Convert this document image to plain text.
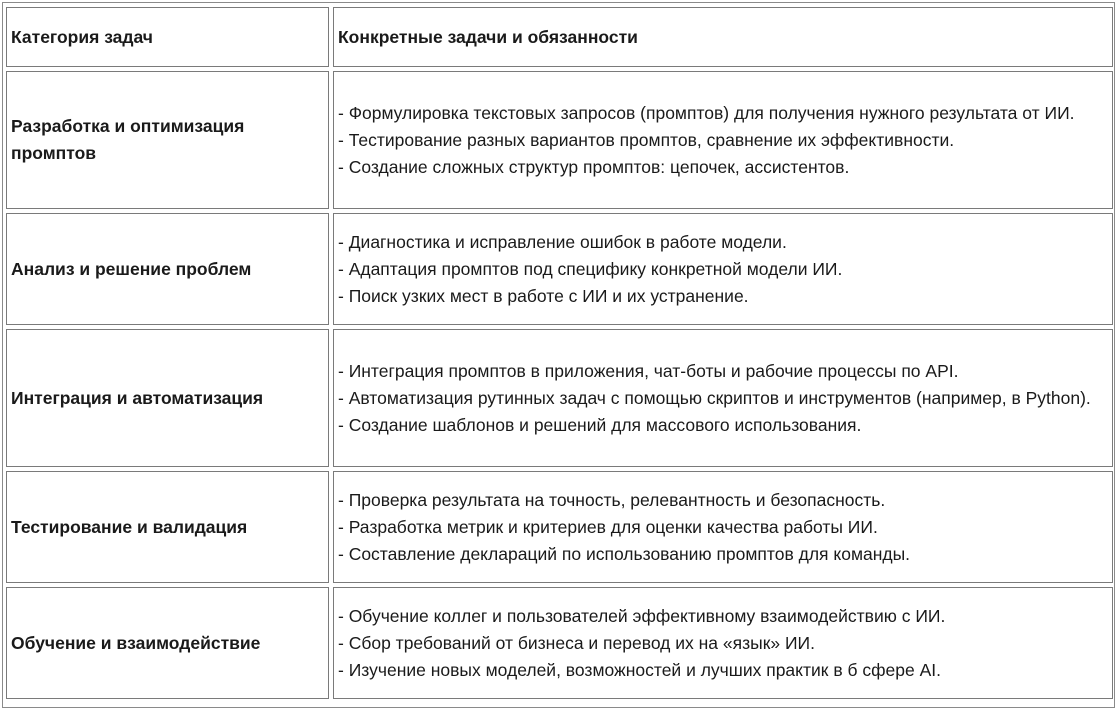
Категория задач	Конкретные задачи и обязанности
Разработка и оптимизация промптов	- Формулировка текстовых запросов (промптов) для получения нужного результата от ИИ.
- Тестирование разных вариантов промптов, сравнение их эффективности.
- Создание сложных структур промптов: цепочек, ассистентов.

Анализ и решение проблем	- Диагностика и исправление ошибок в работе модели.
- Адаптация промптов под специфику конкретной модели ИИ.
- Поиск узких мест в работе с ИИ и их устранение.

Интеграция и автоматизация	- Интеграция промптов в приложения, чат-боты и рабочие процессы по API.
- Автоматизация рутинных задач с помощью скриптов и инструментов (например, в Python).
- Создание шаблонов и решений для массового использования.

Тестирование и валидация	- Проверка результата на точность, релевантность и безопасность.
- Разработка метрик и критериев для оценки качества работы ИИ.
- Составление деклараций по использованию промптов для команды.

Обучение и взаимодействие	- Обучение коллег и пользователей эффективному взаимодействию с ИИ.
- Сбор требований от бизнеса и перевод их на «язык» ИИ.
- Изучение новых моделей, возможностей и лучших практик в б сфере AI.
